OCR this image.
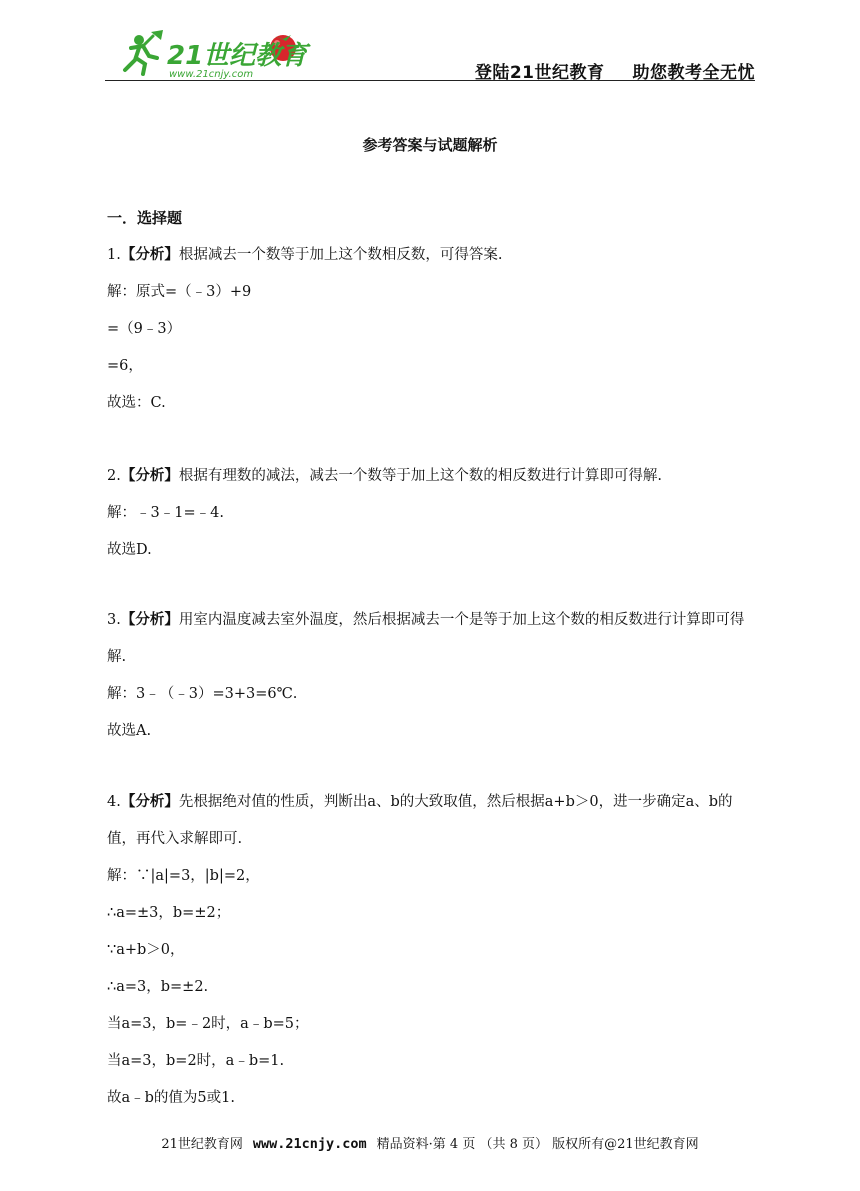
21世纪教育
www.21cnjy.com	登陆21世纪教育 助您教考全无忧
参考答案与试题解析
一．选择题
1.【分析】根据减去一个数等于加上这个数相反数，可得答案.
解：原式=（﹣3）+9
=（9﹣3）
=6，
故选：C.
2.【分析】根据有理数的减法，减去一个数等于加上这个数的相反数进行计算即可得解.
解：﹣3﹣1=﹣4.
故选D.
3.【分析】用室内温度减去室外温度，然后根据减去一个是等于加上这个数的相反数进行计算即可得解.
解：3﹣（﹣3）=3+3=6℃.
故选A.
4.【分析】先根据绝对值的性质，判断出a、b的大致取值，然后根据a+b＞0，进一步确定a、b的值，再代入求解即可.
解：∵|a|=3，|b|=2，
∴a=±3，b=±2；
∵a+b＞0，
∴a=3，b=±2.
当a=3，b=﹣2时，a﹣b=5；
当a=3，b=2时，a﹣b=1.
故a﹣b的值为5或1.
21世纪教育网 www.21cnjy.com 精品资料·第 4 页 （共 8 页） 版权所有@21世纪教育网
